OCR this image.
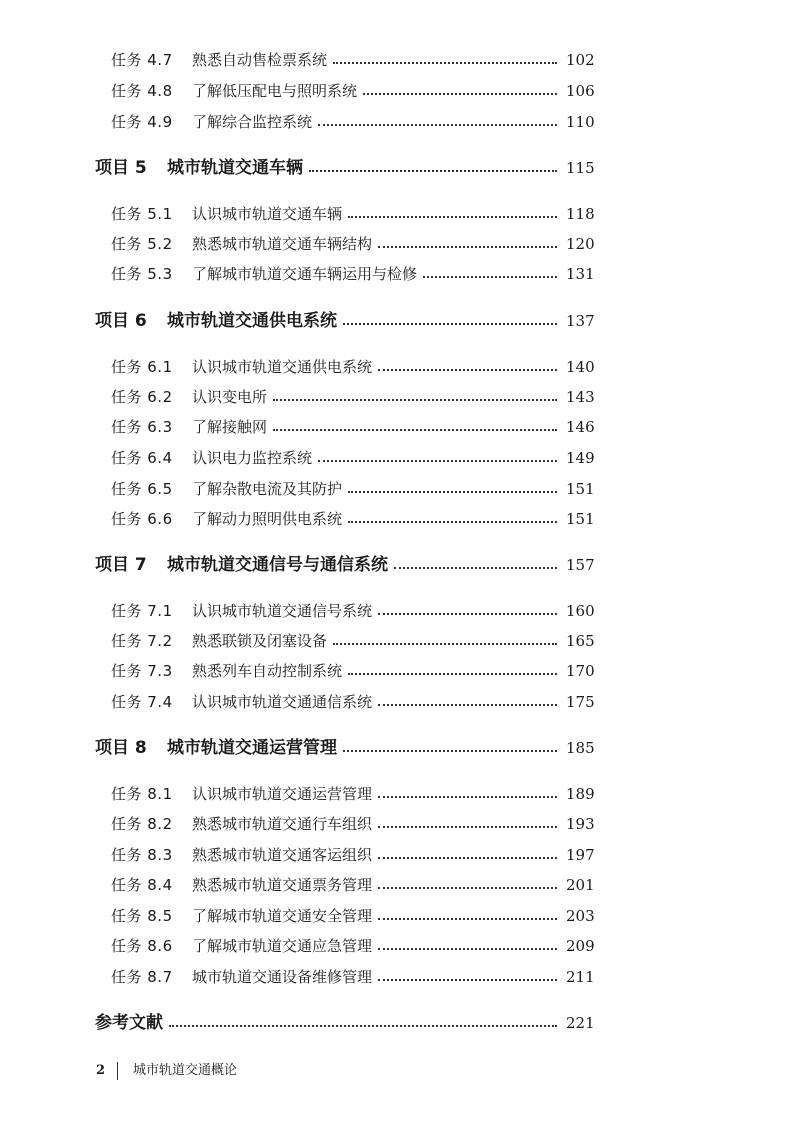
任务 4.7 熟悉自动售检票系统	102
任务 4.8 了解低压配电与照明系统	106
任务 4.9 了解综合监控系统	110
项目 5 城市轨道交通车辆	115
任务 5.1 认识城市轨道交通车辆	118
任务 5.2 熟悉城市轨道交通车辆结构	120
任务 5.3 了解城市轨道交通车辆运用与检修	131
项目 6 城市轨道交通供电系统	137
任务 6.1 认识城市轨道交通供电系统	140
任务 6.2 认识变电所	143
任务 6.3 了解接触网	146
任务 6.4 认识电力监控系统	149
任务 6.5 了解杂散电流及其防护	151
任务 6.6 了解动力照明供电系统	151
项目 7 城市轨道交通信号与通信系统	157
任务 7.1 认识城市轨道交通信号系统	160
任务 7.2 熟悉联锁及闭塞设备	165
任务 7.3 熟悉列车自动控制系统	170
任务 7.4 认识城市轨道交通通信系统	175
项目 8 城市轨道交通运营管理	185
任务 8.1 认识城市轨道交通运营管理	189
任务 8.2 熟悉城市轨道交通行车组织	193
任务 8.3 熟悉城市轨道交通客运组织	197
任务 8.4 熟悉城市轨道交通票务管理	201
任务 8.5 了解城市轨道交通安全管理	203
任务 8.6 了解城市轨道交通应急管理	209
任务 8.7 城市轨道交通设备维修管理	211
参考文献	221
2 城市轨道交通概论
